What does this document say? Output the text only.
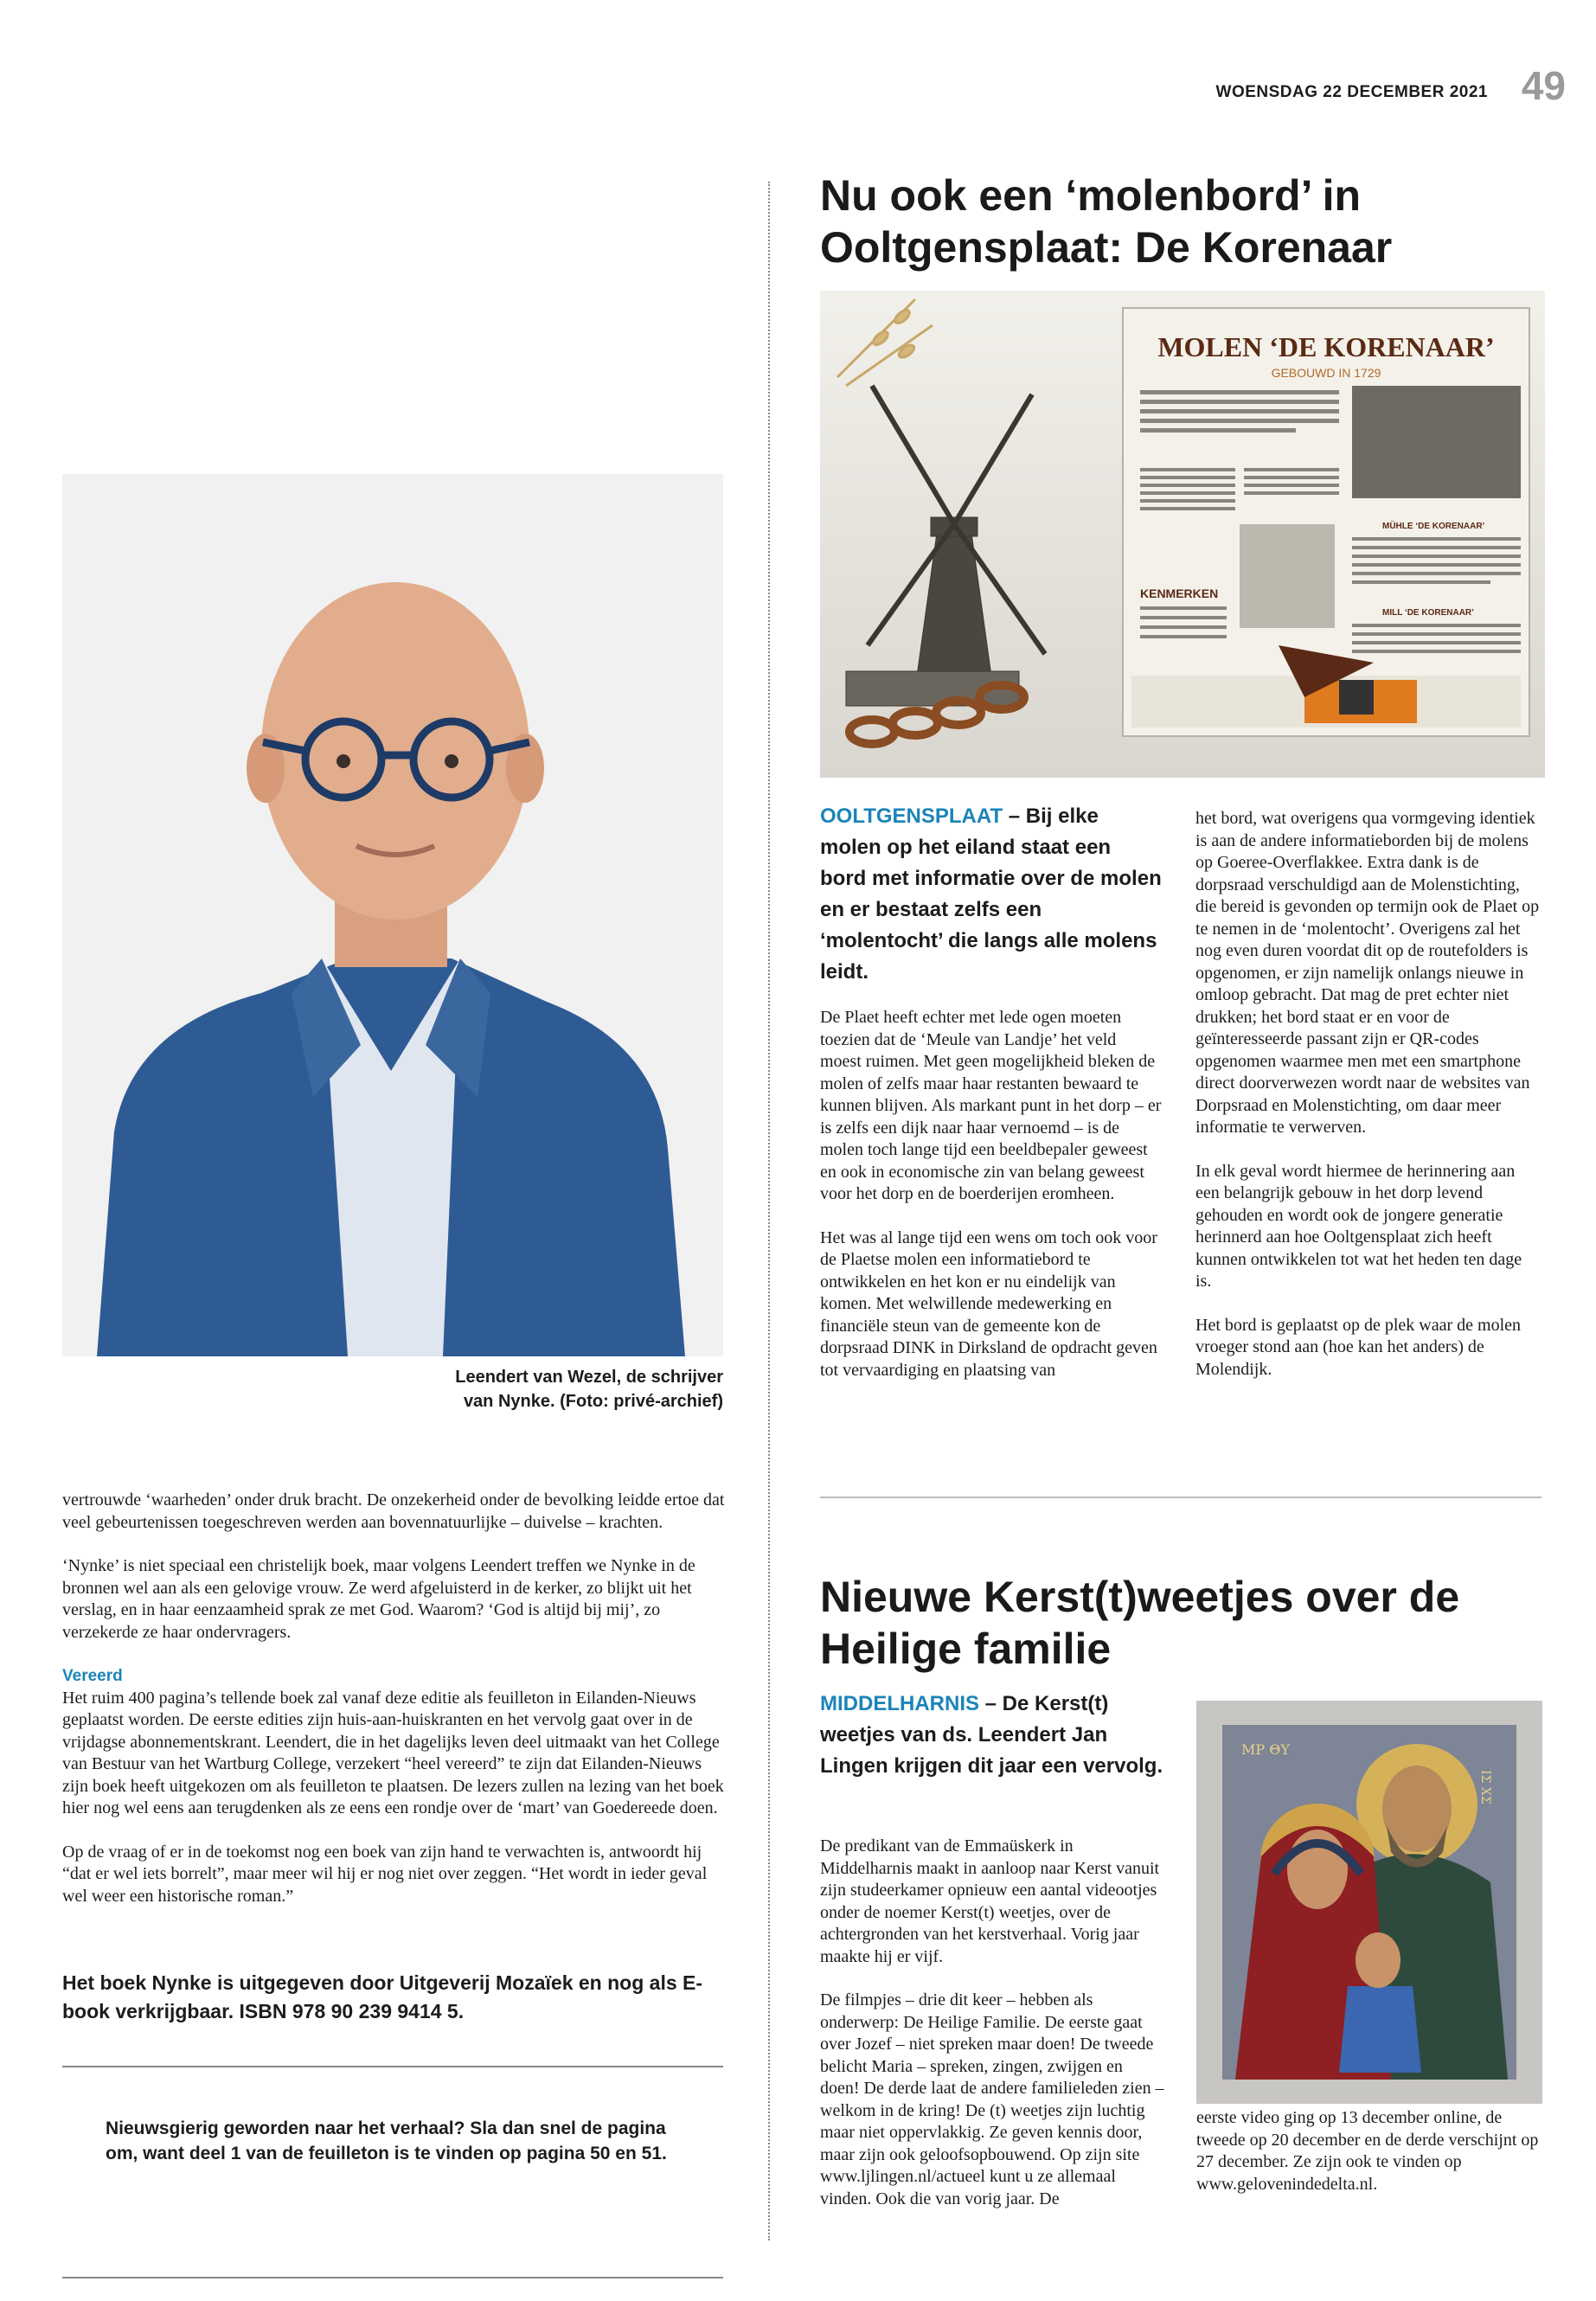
WOENSDAG 22 DECEMBER 2021 49
Nu ook een ‘molenbord’ in Ooltgensplaat: De Korenaar
MOLEN ‘DE KORENAAR’
GEBOUWD IN 1729
KENMERKEN
MÜHLE ‘DE KORENAAR’
MILL ‘DE KORENAAR’
OOLTGENSPLAAT – Bij elke molen op het eiland staat een bord met informatie over de molen en er bestaat zelfs een ‘molentocht’ die langs alle molens leidt.

De Plaet heeft echter met lede ogen moeten toezien dat de ‘Meule van Landje’ het veld moest ruimen. Met geen mogelijkheid bleken de molen of zelfs maar haar restanten bewaard te kunnen blijven. Als markant punt in het dorp – er is zelfs een dijk naar haar vernoemd – is de molen toch lange tijd een beeldbepaler geweest en ook in economische zin van belang geweest voor het dorp en de boerderijen eromheen.

Het was al lange tijd een wens om toch ook voor de Plaetse molen een informatiebord te ontwikkelen en het kon er nu eindelijk van komen. Met welwillende medewerking en financiële steun van de gemeente kon de dorpsraad DINK in Dirksland de opdracht geven tot vervaardiging en plaatsing van

het bord, wat overigens qua vormgeving identiek is aan de andere informatieborden bij de molens op Goeree-Overflakkee. Extra dank is de dorpsraad verschuldigd aan de Molenstichting, die bereid is gevonden op termijn ook de Plaet op te nemen in de ‘molentocht’. Overigens zal het nog even duren voordat dit op de routefolders is opgenomen, er zijn namelijk onlangs nieuwe in omloop gebracht. Dat mag de pret echter niet drukken; het bord staat er en voor de geïnteresseerde passant zijn er QR-codes opgenomen waarmee men met een smartphone direct doorverwezen wordt naar de websites van Dorpsraad en Molenstichting, om daar meer informatie te verwerven.

In elk geval wordt hiermee de herinnering aan een belangrijk gebouw in het dorp levend gehouden en wordt ook de jongere generatie herinnerd aan hoe Ooltgensplaat zich heeft kunnen ontwikkelen tot wat het heden ten dage is.

Het bord is geplaatst op de plek waar de molen vroeger stond aan (hoe kan het anders) de Molendijk.

Leendert van Wezel, de schrijver
van Nynke. (Foto: privé-archief)

vertrouwde ‘waarheden’ onder druk bracht. De onzekerheid onder de bevolking leidde ertoe dat veel gebeurtenissen toegeschreven werden aan bovennatuurlijke – duivelse – krachten.

‘Nynke’ is niet speciaal een christelijk boek, maar volgens Leendert treffen we Nynke in de bronnen wel aan als een gelovige vrouw. Ze werd afgeluisterd in de kerker, zo blijkt uit het verslag, en in haar eenzaamheid sprak ze met God. Waarom? ‘God is altijd bij mij’, zo verzekerde ze haar ondervragers.

Vereerd

Het ruim 400 pagina’s tellende boek zal vanaf deze editie als feuilleton in Eilanden-Nieuws geplaatst worden. De eerste edities zijn huis-aan-huiskranten en het vervolg gaat over in de vrijdagse abonnementskrant. Leendert, die in het dagelijks leven deel uitmaakt van het College van Bestuur van het Wartburg College, verzekert “heel vereerd” te zijn dat Eilanden-Nieuws zijn boek heeft uitgekozen om als feuilleton te plaatsen. De lezers zullen na lezing van het boek hier nog wel eens aan terugdenken als ze eens een rondje over de ‘mart’ van Goedereede doen.

Op de vraag of er in de toekomst nog een boek van zijn hand te verwachten is, antwoordt hij “dat er wel iets borrelt”, maar meer wil hij er nog niet over zeggen. “Het wordt in ieder geval wel weer een historische roman.”

Het boek Nynke is uitgegeven door Uitgeverij Mozaïek en nog als E-book verkrijgbaar. ISBN 978 90 239 9414 5.
Nieuwsgierig geworden naar het verhaal? Sla dan snel de pagina om, want deel 1 van de feuilleton is te vinden op pagina 50 en 51.
Nieuwe Kerst(t)weetjes over de Heilige familie
MIDDELHARNIS – De Kerst(t) weetjes van ds. Leendert Jan Lingen krijgen dit jaar een vervolg.

De predikant van de Emmaüskerk in Middelharnis maakt in aanloop naar Kerst vanuit zijn studeerkamer opnieuw een aantal videootjes onder de noemer Kerst(t) weetjes, over de achtergronden van het kerstverhaal. Vorig jaar maakte hij er vijf.

De filmpjes – drie dit keer – hebben als onderwerp: De Heilige Familie. De eerste gaat over Jozef – niet spreken maar doen! De tweede belicht Maria – spreken, zingen, zwijgen en doen! De derde laat de andere familieleden zien – welkom in de kring! De (t) weetjes zijn luchtig maar niet oppervlakkig. Ze geven kennis door, maar zijn ook geloofsopbouwend. Op zijn site www.ljlingen.nl/actueel kunt u ze allemaal vinden. Ook die van vorig jaar. De

ΜΡ ΘΥ
ΙΣ ΧΣ

eerste video ging op 13 december online, de tweede op 20 december en de derde verschijnt op 27 december. Ze zijn ook te vinden op www.gelovenindedelta.nl.
